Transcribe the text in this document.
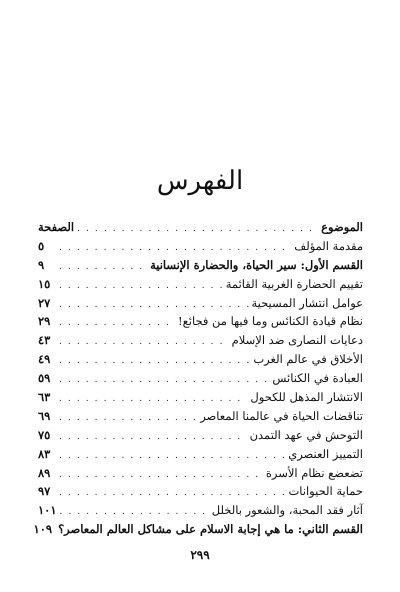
الفهرس
الموضوع
. . .
الصفحة
مقدمة المؤلف
. . .
٥
القسم الأول: سير الحياة، والحضارة الإنسانية
. . .
٩
تقييم الحضارة الغربية القائمة
. . .
١٥
عوامل انتشار المسيحية
. . .
٢٧
نظام قيادة الكنائس وما فيها من فجائع!
. . .
٢٩
دعايات النصارى ضد الإسلام
. . .
٤٣
الأخلاق في عالم الغرب
. . .
٤٩
العبادة في الكنائس
. . .
٥٩
الانتشار المذهل للكحول
. . .
٦٣
تناقضات الحياة في عالمنا المعاصر
. . .
٦٩
التوحش في عهد التمدن
. . .
٧٥
التمييز العنصري
. . .
٨٣
تضعضع نظام الأسرة
. . .
٨٩
حماية الحيوانات
. . .
٩٧
آثار فقد المحبة، والشعور بالخلل
. . .
١٠١
القسم الثاني: ما هي إجابة الاسلام على مشاكل العالم المعاصر؟
١٠٩
٢٩٩
